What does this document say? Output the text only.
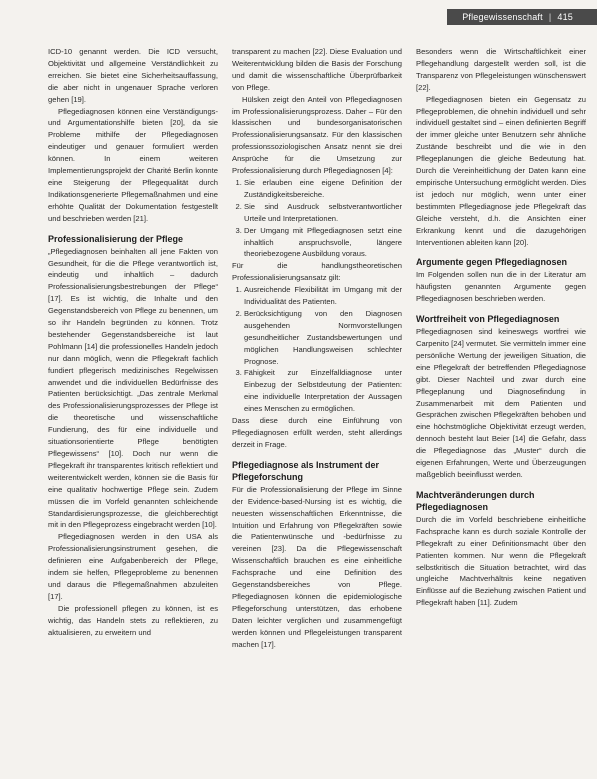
Pflegewissenschaft | 415

ICD-10 genannt werden. Die ICD versucht, Objektivität und allgemeine Verständlichkeit zu erreichen. Sie bietet eine Sicherheitsauffassung, die aber nicht in ungenauer Sprache verloren gehen [19].

Pflegediagnosen können eine Verständigungs- und Argumentationshilfe bieten [20], da sie Probleme mithilfe der Pflegediagnosen eindeutiger und genauer formuliert werden können. In einem weiteren Implementierungsprojekt der Charité Berlin konnte eine Steigerung der Pflegequalität durch Indikationsgenerierte Pflegemaßnahmen und eine erhöhte Qualität der Dokumentation festgestellt und beschrieben werden [21].

Professionalisierung der Pflege

„Pflegediagnosen beinhalten all jene Fakten von Gesundheit, für die die Pflege verantwortlich ist, eindeutig und inhaltlich – dadurch Professionalisierungsbestrebungen der Pflege“ [17]. Es ist wichtig, die Inhalte und den Gegenstandsbereich von Pflege zu benennen, um so ihr Handeln begründen zu können. Trotz bestehender Gegenstandsbereiche ist laut Pohlmann [14] die professionelles Handeln jedoch nur dann möglich, wenn die Pflegekraft fachlich fundiert pflegerisch medizinisches Regelwissen anwendet und die individuellen Bedürfnisse des Patienten berücksichtigt. „Das zentrale Merkmal des Professionalisierungsprozesses der Pflege ist die theoretische und wissenschaftliche Fundierung, des für eine individuelle und situationsorientierte Pflege benötigten Pflegewissens“ [10]. Doch nur wenn die Pflegekraft ihr transparentes kritisch reflektiert und weiterentwickelt werden, können sie die Basis für eine qualitativ hochwertige Pflege sein. Zudem müssen die im Vorfeld genannten schleichende Standardisierungsprozesse, die gleichberechtigt mit in den Pflegeprozess eingebracht werden [10].

Pflegediagnosen werden in den USA als Professionalisierungsinstrument gesehen, die definieren eine Aufgabenbereich der Pflege, indem sie helfen, Pflegeprobleme zu benennen und daraus die Pflegemaßnahmen abzuleiten [17].

Die professionell pflegen zu können, ist es wichtig, das Handeln stets zu reflektieren, zu aktualisieren, zu erweitern und

transparent zu machen [22]. Diese Evaluation und Weiterentwicklung bilden die Basis der Forschung und damit die wissenschaftliche Überprüfbarkeit von Pflege.

Hülsken zeigt den Anteil von Pflegediagnosen im Professionalisierungsprozess. Daher – Für den klassischen und bundesorganisatorischen Professionalisierungsansatz. Für den klassischen professionssoziologischen Ansatz nennt sie drei Ansprüche für die Umsetzung zur Professionalisierung durch Pflegediagnosen [4]:

1. Sie erlauben eine eigene Definition der Zuständigkeitsbereiche.
2. Sie sind Ausdruck selbstverantwortlicher Urteile und Interpretationen.
3. Der Umgang mit Pflegediagnosen setzt eine inhaltlich anspruchsvolle, längere theoriebezogene Ausbildung voraus.

Für die handlungstheoretischen Professionalisierungsansatz gilt:

1. Ausreichende Flexibilität im Umgang mit der Individualität des Patienten.
2. Berücksichtigung von den Diagnosen ausgehenden Normvorstellungen gesundheitlicher Zustandsbewertungen und möglichen Handlungsweisen schlechter Prognose.
3. Fähigkeit zur Einzelfalldiagnose unter Einbezug der Selbstdeutung der Patienten: eine individuelle Interpretation der Aussagen eines Menschen zu ermöglichen.

Dass diese durch eine Einführung von Pflegediagnosen erfüllt werden, steht allerdings derzeit in Frage.

Pflegediagnose als Instrument der Pflegeforschung

Für die Professionalisierung der Pflege im Sinne der Evidence-based-Nursing ist es wichtig, die neuesten wissenschaftlichen Erkenntnisse, die Intuition und Erfahrung von Pflegekräften sowie die Patientenwünsche und -bedürfnisse zu vereinen [23]. Da die Pflegewissenschaft Wissenschaftlich brauchen es eine einheitliche Fachsprache und eine Definition des Gegenstandsbereiches von Pflege. Pflegediagnosen können die epidemiologische Pflegeforschung unterstützen, das erhobene Daten leichter verglichen und zusammengefügt werden können und Pflegeleistungen transparent machen [17].

Besonders wenn die Wirtschaftlichkeit einer Pflegehandlung dargestellt werden soll, ist die Transparenz von Pflegeleistungen wünschenswert [22].

Pflegediagnosen bieten ein Gegensatz zu Pflegeproblemen, die ohnehin individuell und sehr individuell gestaltet sind – einen definierten Begriff der immer gleiche unter Benutzern sehr ähnliche Zustände beschreibt und die wie in den Pflegeplanungen die gleiche Bedeutung hat. Durch die Vereinheitlichung der Daten kann eine empirische Untersuchung ermöglicht werden. Dies ist jedoch nur möglich, wenn unter einer bestimmten Pflegediagnose jede Pflegekraft das Gleiche versteht, d.h. die Ansichten einer Erkrankung kennt und die dazugehörigen Interventionen ableiten kann [20].

Argumente gegen Pflegediagnosen

Im Folgenden sollen nun die in der Literatur am häufigsten genannten Argumente gegen Pflegediagnosen beschrieben werden.

Wortfreiheit von Pflegediagnosen

Pflegediagnosen sind keineswegs wortfrei wie Carpenito [24] vermutet. Sie vermitteln immer eine persönliche Wertung der jeweiligen Situation, die eine Pflegekraft der betreffenden Pflegediagnose gibt. Dieser Nachteil und zwar durch eine Pflegeplanung und Diagnosefindung in Zusammenarbeit mit dem Patienten und Gesprächen zwischen Pflegekräften behoben und eine höchstmögliche Objektivität erzeugt werden, dennoch besteht laut Beier [14] die Gefahr, dass die Pflegediagnose das „Muster“ durch die eigenen Erfahrungen, Werte und Überzeugungen maßgeblich beeinflusst werden.

Machtveränderungen durch Pflegediagnosen

Durch die im Vorfeld beschriebene einheitliche Fachsprache kann es durch soziale Kontrolle der Pflegekraft zu einer Definitionsmacht über den Patienten kommen. Nur wenn die Pflegekraft selbstkritisch die Situation betrachtet, wird das ungleiche Machtverhältnis keine negativen Einflüsse auf die Beziehung zwischen Patient und Pflegekraft haben [11]. Zudem
